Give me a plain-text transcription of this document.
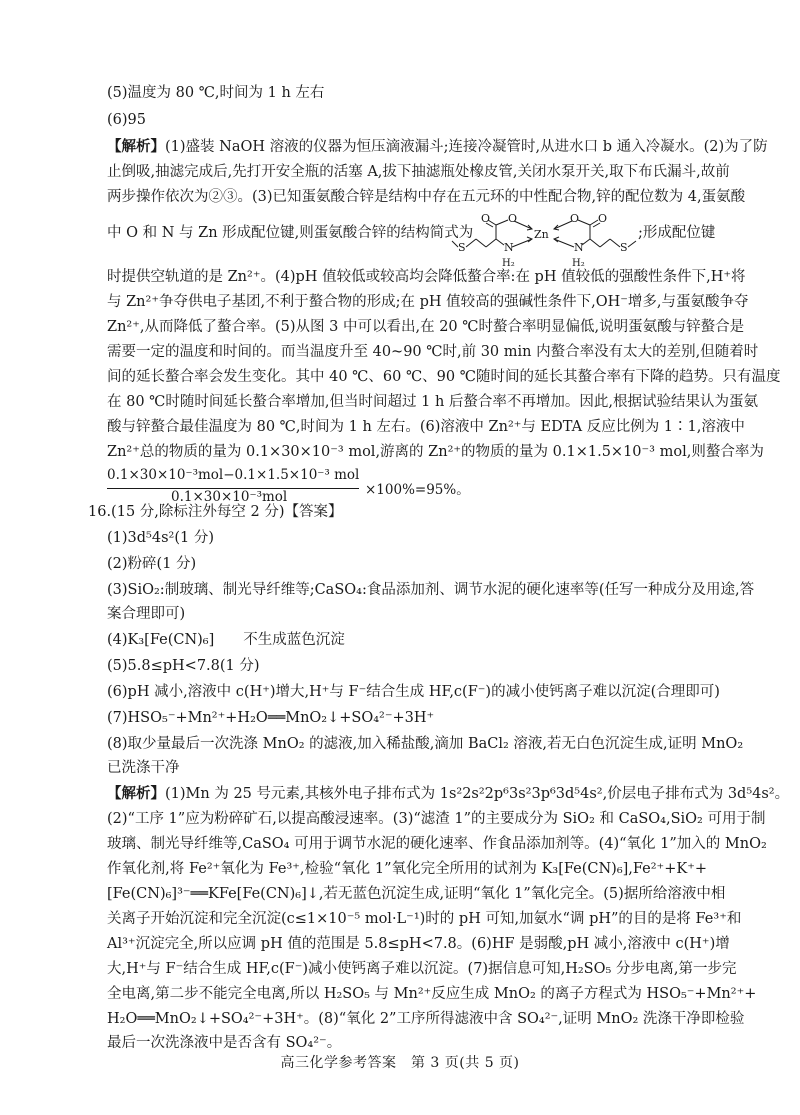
(5)温度为 80 ℃,时间为 1 h 左右
(6)95
【解析】(1)盛装 NaOH 溶液的仪器为恒压滴液漏斗;连接冷凝管时,从进水口 b 通入冷凝水。(2)为了防
止倒吸,抽滤完成后,先打开安全瓶的活塞 A,拔下抽滤瓶处橡皮管,关闭水泵开关,取下布氏漏斗,故前
两步操作依次为②③。(3)已知蛋氨酸合锌是结构中存在五元环的中性配合物,锌的配位数为 4,蛋氨酸
中 O 和 N 与 Zn 形成配位键,则蛋氨酸合锌的结构简式为	;形成配位键
时提供空轨道的是 Zn²⁺。(4)pH 值较低或较高均会降低螯合率:在 pH 值较低的强酸性条件下,H⁺将
与 Zn²⁺争夺供电子基团,不利于螯合物的形成;在 pH 值较高的强碱性条件下,OH⁻增多,与蛋氨酸争夺
Zn²⁺,从而降低了螯合率。(5)从图 3 中可以看出,在 20 ℃时螯合率明显偏低,说明蛋氨酸与锌螯合是
需要一定的温度和时间的。而当温度升至 40~90 ℃时,前 30 min 内螯合率没有太大的差别,但随着时
间的延长螯合率会发生变化。其中 40 ℃、60 ℃、90 ℃随时间的延长其螯合率有下降的趋势。只有温度
在 80 ℃时随时间延长螯合率增加,但当时间超过 1 h 后螯合率不再增加。因此,根据试验结果认为蛋氨
酸与锌螯合最佳温度为 80 ℃,时间为 1 h 左右。(6)溶液中 Zn²⁺与 EDTA 反应比例为 1∶1,溶液中
Zn²⁺总的物质的量为 0.1×30×10⁻³ mol,游离的 Zn²⁺的物质的量为 0.1×1.5×10⁻³ mol,则螯合率为
16.(15 分,除标注外每空 2 分)【答案】
(1)3d⁵4s²(1 分)
(2)粉碎(1 分)
(3)SiO₂:制玻璃、制光导纤维等;CaSO₄:食品添加剂、调节水泥的硬化速率等(任写一种成分及用途,答
案合理即可)
(4)K₃[Fe(CN)₆]　　不生成蓝色沉淀
(5)5.8≤pH<7.8(1 分)
(6)pH 减小,溶液中 c(H⁺)增大,H⁺与 F⁻结合生成 HF,c(F⁻)的减小使钙离子难以沉淀(合理即可)
(7)HSO₅⁻+Mn²⁺+H₂O══MnO₂↓+SO₄²⁻+3H⁺
(8)取少量最后一次洗涤 MnO₂ 的滤液,加入稀盐酸,滴加 BaCl₂ 溶液,若无白色沉淀生成,证明 MnO₂
已洗涤干净
【解析】(1)Mn 为 25 号元素,其核外电子排布式为 1s²2s²2p⁶3s²3p⁶3d⁵4s²,价层电子排布式为 3d⁵4s²。
(2)“工序 1”应为粉碎矿石,以提高酸浸速率。(3)“滤渣 1”的主要成分为 SiO₂ 和 CaSO₄,SiO₂ 可用于制
玻璃、制光导纤维等,CaSO₄ 可用于调节水泥的硬化速率、作食品添加剂等。(4)“氧化 1”加入的 MnO₂
作氧化剂,将 Fe²⁺氧化为 Fe³⁺,检验“氧化 1”氧化完全所用的试剂为 K₃[Fe(CN)₆],Fe²⁺+K⁺+
[Fe(CN)₆]³⁻══KFe[Fe(CN)₆]↓,若无蓝色沉淀生成,证明“氧化 1”氧化完全。(5)据所给溶液中相
关离子开始沉淀和完全沉淀(c≤1×10⁻⁵ mol·L⁻¹)时的 pH 可知,加氨水“调 pH”的目的是将 Fe³⁺和
Al³⁺沉淀完全,所以应调 pH 值的范围是 5.8≤pH<7.8。(6)HF 是弱酸,pH 减小,溶液中 c(H⁺)增
大,H⁺与 F⁻结合生成 HF,c(F⁻)减小使钙离子难以沉淀。(7)据信息可知,H₂SO₅ 分步电离,第一步完
全电离,第二步不能完全电离,所以 H₂SO₅ 与 Mn²⁺反应生成 MnO₂ 的离子方程式为 HSO₅⁻+Mn²⁺+
H₂O══MnO₂↓+SO₄²⁻+3H⁺。(8)“氧化 2”工序所得滤液中含 SO₄²⁻,证明 MnO₂ 洗涤干净即检验
最后一次洗涤液中是否含有 SO₄²⁻。
S	S
O O	O O
N	N
H₂	H₂
Zn
0.1×30×10⁻³mol−0.1×1.5×10⁻³ mol
0.1×30×10⁻³mol	×100%=95%。
高三化学参考答案　第 3 页(共 5 页)
